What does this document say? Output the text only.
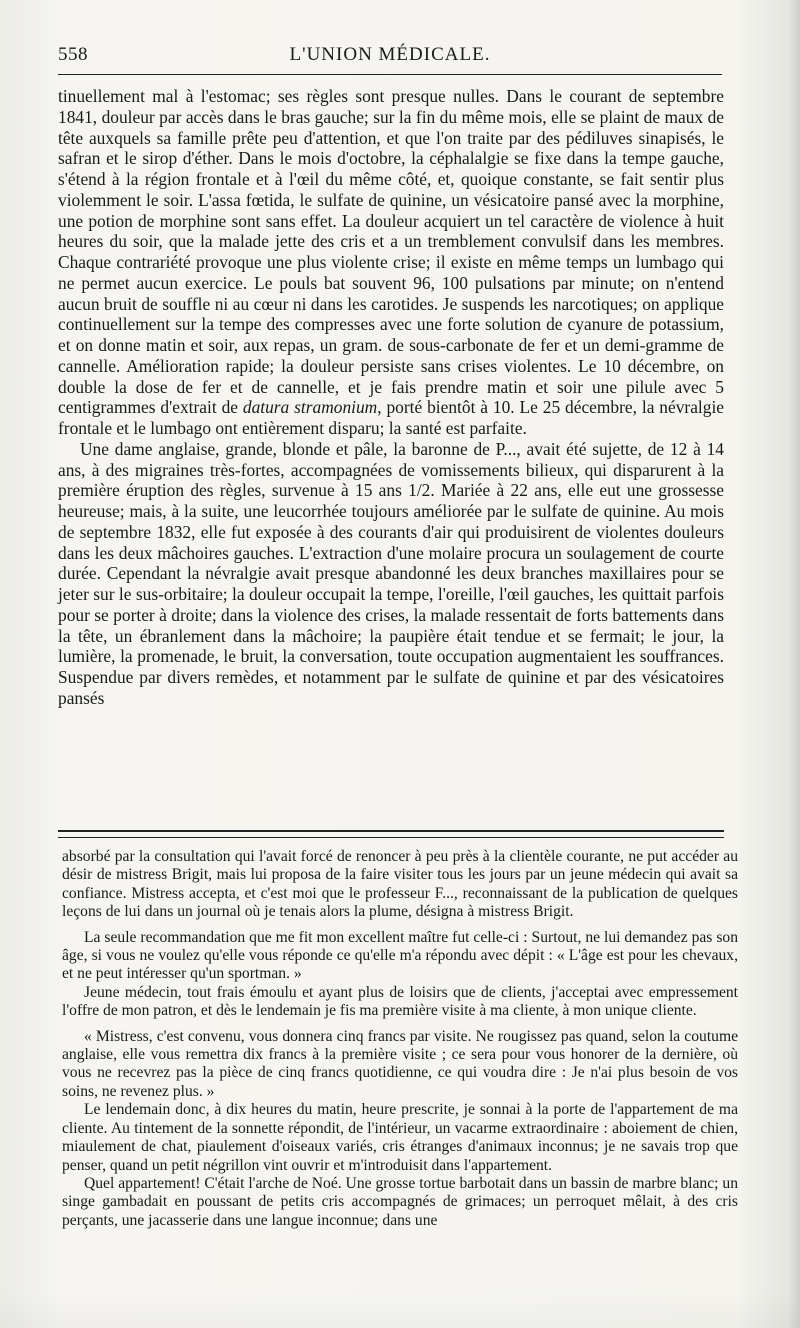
558	L'UNION MÉDICALE.

tinuellement mal à l'estomac; ses règles sont presque nulles. Dans le courant de septembre 1841, douleur par accès dans le bras gauche; sur la fin du même mois, elle se plaint de maux de tête auxquels sa famille prête peu d'attention, et que l'on traite par des pédiluves sinapisés, le safran et le sirop d'éther. Dans le mois d'octobre, la céphalalgie se fixe dans la tempe gauche, s'étend à la région frontale et à l'œil du même côté, et, quoique constante, se fait sentir plus violemment le soir. L'assa fœtida, le sulfate de quinine, un vésicatoire pansé avec la morphine, une potion de morphine sont sans effet. La douleur acquiert un tel caractère de violence à huit heures du soir, que la malade jette des cris et a un tremblement convulsif dans les membres. Chaque contrariété provoque une plus violente crise; il existe en même temps un lumbago qui ne permet aucun exercice. Le pouls bat souvent 96, 100 pulsations par minute; on n'entend aucun bruit de souffle ni au cœur ni dans les carotides. Je suspends les narcotiques; on applique continuellement sur la tempe des compresses avec une forte solution de cyanure de potassium, et on donne matin et soir, aux repas, un gram. de sous-carbonate de fer et un demi-gramme de cannelle. Amélioration rapide; la douleur persiste sans crises violentes. Le 10 décembre, on double la dose de fer et de cannelle, et je fais prendre matin et soir une pilule avec 5 centigrammes d'extrait de datura stramonium, porté bientôt à 10. Le 25 décembre, la névralgie frontale et le lumbago ont entièrement disparu; la santé est parfaite.

Une dame anglaise, grande, blonde et pâle, la baronne de P..., avait été sujette, de 12 à 14 ans, à des migraines très-fortes, accompagnées de vomissements bilieux, qui disparurent à la première éruption des règles, survenue à 15 ans 1/2. Mariée à 22 ans, elle eut une grossesse heureuse; mais, à la suite, une leucorrhée toujours améliorée par le sulfate de quinine. Au mois de septembre 1832, elle fut exposée à des courants d'air qui produisirent de violentes douleurs dans les deux mâchoires gauches. L'extraction d'une molaire procura un soulagement de courte durée. Cependant la névralgie avait presque abandonné les deux branches maxillaires pour se jeter sur le sus-orbitaire; la douleur occupait la tempe, l'oreille, l'œil gauches, les quittait parfois pour se porter à droite; dans la violence des crises, la malade ressentait de forts battements dans la tête, un ébranlement dans la mâchoire; la paupière était tendue et se fermait; le jour, la lumière, la promenade, le bruit, la conversation, toute occupation augmentaient les souffrances. Suspendue par divers remèdes, et notamment par le sulfate de quinine et par des vésicatoires pansés

absorbé par la consultation qui l'avait forcé de renoncer à peu près à la clientèle courante, ne put accéder au désir de mistress Brigit, mais lui proposa de la faire visiter tous les jours par un jeune médecin qui avait sa confiance. Mistress accepta, et c'est moi que le professeur F..., reconnaissant de la publication de quelques leçons de lui dans un journal où je tenais alors la plume, désigna à mistress Brigit.

La seule recommandation que me fit mon excellent maître fut celle-ci : Surtout, ne lui demandez pas son âge, si vous ne voulez qu'elle vous réponde ce qu'elle m'a répondu avec dépit : « L'âge est pour les chevaux, et ne peut intéresser qu'un sportman. »

Jeune médecin, tout frais émoulu et ayant plus de loisirs que de clients, j'acceptai avec empressement l'offre de mon patron, et dès le lendemain je fis ma première visite à ma cliente, à mon unique cliente.

« Mistress, c'est convenu, vous donnera cinq francs par visite. Ne rougissez pas quand, selon la coutume anglaise, elle vous remettra dix francs à la première visite ; ce sera pour vous honorer de la dernière, où vous ne recevrez pas la pièce de cinq francs quotidienne, ce qui voudra dire : Je n'ai plus besoin de vos soins, ne revenez plus. »

Le lendemain donc, à dix heures du matin, heure prescrite, je sonnai à la porte de l'appartement de ma cliente. Au tintement de la sonnette répondit, de l'intérieur, un vacarme extraordinaire : aboiement de chien, miaulement de chat, piaulement d'oiseaux variés, cris étranges d'animaux inconnus; je ne savais trop que penser, quand un petit négrillon vint ouvrir et m'introduisit dans l'appartement.

Quel appartement! C'était l'arche de Noé. Une grosse tortue barbotait dans un bassin de marbre blanc; un singe gambadait en poussant de petits cris accompagnés de grimaces; un perroquet mêlait, à des cris perçants, une jacasserie dans une langue inconnue; dans une
